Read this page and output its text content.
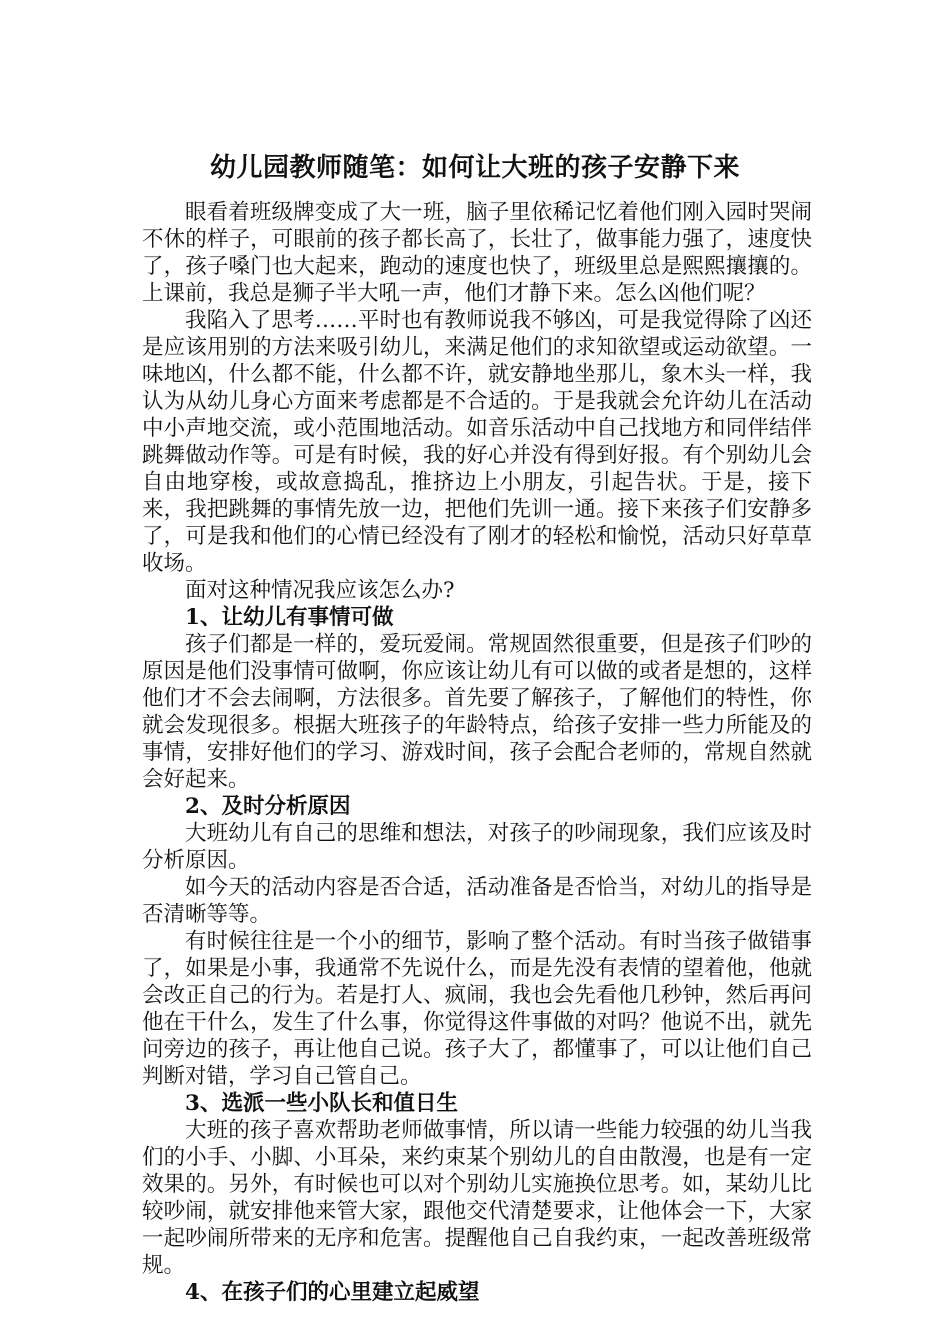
幼儿园教师随笔：如何让大班的孩子安静下来

眼看着班级牌变成了大一班，脑子里依稀记忆着他们刚入园时哭闹不休的样子，可眼前的孩子都长高了，长壮了，做事能力强了，速度快了，孩子嗓门也大起来，跑动的速度也快了，班级里总是熙熙攘攘的。上课前，我总是狮子半大吼一声，他们才静下来。怎么凶他们呢？

我陷入了思考……平时也有教师说我不够凶，可是我觉得除了凶还是应该用别的方法来吸引幼儿，来满足他们的求知欲望或运动欲望。一味地凶，什么都不能，什么都不许，就安静地坐那儿，象木头一样，我认为从幼儿身心方面来考虑都是不合适的。于是我就会允许幼儿在活动中小声地交流，或小范围地活动。如音乐活动中自己找地方和同伴结伴跳舞做动作等。可是有时候，我的好心并没有得到好报。有个别幼儿会自由地穿梭，或故意捣乱，推挤边上小朋友，引起告状。于是，接下来，我把跳舞的事情先放一边，把他们先训一通。接下来孩子们安静多了，可是我和他们的心情已经没有了刚才的轻松和愉悦，活动只好草草收场。

面对这种情况我应该怎么办?

1、让幼儿有事情可做

孩子们都是一样的，爱玩爱闹。常规固然很重要，但是孩子们吵的原因是他们没事情可做啊，你应该让幼儿有可以做的或者是想的，这样他们才不会去闹啊，方法很多。首先要了解孩子，了解他们的特性，你就会发现很多。根据大班孩子的年龄特点，给孩子安排一些力所能及的事情，安排好他们的学习、游戏时间，孩子会配合老师的，常规自然就会好起来。

2、及时分析原因

大班幼儿有自己的思维和想法，对孩子的吵闹现象，我们应该及时分析原因。

如今天的活动内容是否合适，活动准备是否恰当，对幼儿的指导是否清晰等等。

有时候往往是一个小的细节，影响了整个活动。有时当孩子做错事了，如果是小事，我通常不先说什么，而是先没有表情的望着他，他就会改正自己的行为。若是打人、疯闹，我也会先看他几秒钟，然后再问他在干什么，发生了什么事，你觉得这件事做的对吗？他说不出，就先问旁边的孩子，再让他自己说。孩子大了，都懂事了，可以让他们自己判断对错，学习自己管自己。

3、选派一些小队长和值日生

大班的孩子喜欢帮助老师做事情，所以请一些能力较强的幼儿当我们的小手、小脚、小耳朵，来约束某个别幼儿的自由散漫，也是有一定效果的。另外，有时候也可以对个别幼儿实施换位思考。如，某幼儿比较吵闹，就安排他来管大家，跟他交代清楚要求，让他体会一下，大家一起吵闹所带来的无序和危害。提醒他自己自我约束，一起改善班级常规。

4、在孩子们的心里建立起威望
